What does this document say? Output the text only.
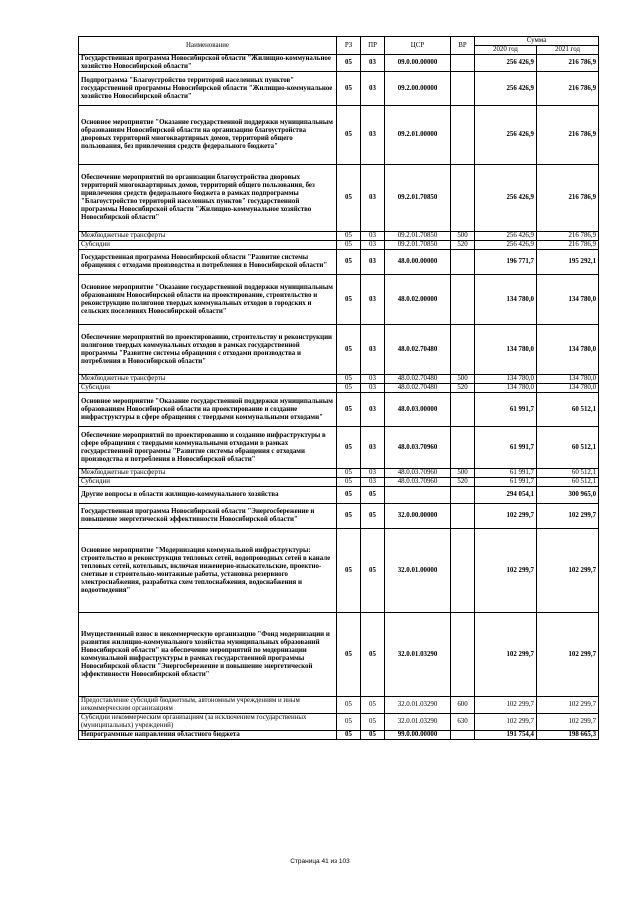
Наименование	РЗ	ПР	ЦСР	ВР	Сумма	
					2020 год	2021 год
Государственная программа Новосибирской области "Жилищно-коммунальное хозяйство Новосибирской области"	05	03	09.0.00.00000		256 426,9	216 786,9
Подпрограмма "Благоустройство территорий населенных пунктов" государственной программы Новосибирской области "Жилищно-коммунальное хозяйство Новосибирской области"	05	03	09.2.00.00000		256 426,9	216 786,9
Основное мероприятие "Оказание государственной поддержки муниципальным образованиям Новосибирской области на организацию благоустройства дворовых территорий многоквартирных домов, территорий общего пользования, без привлечения средств федерального бюджета"	05	03	09.2.01.00000		256 426,9	216 786,9
Обеспечение мероприятий по организации благоустройства дворовых территорий многоквартирных домов, территорий общего пользования, без привлечения средств федерального бюджета в рамках подпрограммы "Благоустройство территорий населенных пунктов" государственной программы Новосибирской области "Жилищно-коммунальное хозяйство Новосибирской области"	05	03	09.2.01.70850		256 426,9	216 786,9
Межбюджетные трансферты	05	03	09.2.01.70850	500	256 426,9	216 786,9
Субсидии	05	03	09.2.01.70850	520	256 426,9	216 786,9
Государственная программа Новосибирской области "Развитие системы обращения с отходами производства и потребления в Новосибирской области"	05	03	48.0.00.00000		196 771,7	195 292,1
Основное мероприятие "Оказание государственной поддержки муниципальным образованиям Новосибирской области на проектирование, строительство и реконструкцию полигонов твердых коммунальных отходов в городских и сельских поселениях Новосибирской области"	05	03	48.0.02.00000		134 780,0	134 780,0
Обеспечение мероприятий по проектированию, строительству и реконструкции полигонов твердых коммунальных отходов в рамках государственной программы "Развитие системы обращения с отходами производства и потребления в Новосибирской области"	05	03	48.0.02.70480		134 780,0	134 780,0
Межбюджетные трансферты	05	03	48.0.02.70480	500	134 780,0	134 780,0
Субсидии	05	03	48.0.02.70480	520	134 780,0	134 780,0
Основное мероприятие "Оказание государственной поддержки муниципальным образованиям Новосибирской области на проектирование и создание инфраструктуры в сфере обращения с твердыми коммунальными отходами"	05	03	48.0.03.00000		61 991,7	60 512,1
Обеспечение мероприятий по проектированию и созданию инфраструктуры в сфере обращения с твердыми коммунальными отходами в рамках государственной программы "Развитие системы обращения с отходами производства и потребления в Новосибирской области"	05	03	48.0.03.70960		61 991,7	60 512,1
Межбюджетные трансферты	05	03	48.0.03.70960	500	61 991,7	60 512,1
Субсидии	05	03	48.0.03.70960	520	61 991,7	60 512,1
Другие вопросы в области жилищно-коммунального хозяйства	05	05			294 054,1	300 965,0
Государственная программа Новосибирской области "Энергосбережение и повышение энергетической эффективности Новосибирской области"	05	05	32.0.00.00000		102 299,7	102 299,7
Основное мероприятие "Модернизация коммунальной инфраструктуры: строительство и реконструкция тепловых сетей, водопроводных сетей в канале тепловых сетей, котельных, включая инженерно-изыскательские, проектно-сметные и строительно-монтажные работы, установка резервного электроснабжения, разработка схем теплоснабжения, водоснабжения и водоотведения"	05	05	32.0.01.00000		102 299,7	102 299,7
Имущественный взнос в некоммерческую организацию "Фонд модернизации и развития жилищно-коммунального хозяйства муниципальных образований Новосибирской области" на обеспечение мероприятий по модернизации коммунальной инфраструктуры в рамках государственной программы Новосибирской области "Энергосбережение и повышение энергетической эффективности Новосибирской области"	05	05	32.0.01.03290		102 299,7	102 299,7
Предоставление субсидий бюджетным, автономным учреждениям и иным некоммерческим организациям	05	05	32.0.01.03290	600	102 299,7	102 299,7
Субсидии некоммерческим организациям (за исключением государственных (муниципальных) учреждений)	05	05	32.0.01.03290	630	102 299,7	102 299,7
Непрограммные направления областного бюджета	05	05	99.0.00.00000		191 754,4	198 665,3
Страница 41 из 103
